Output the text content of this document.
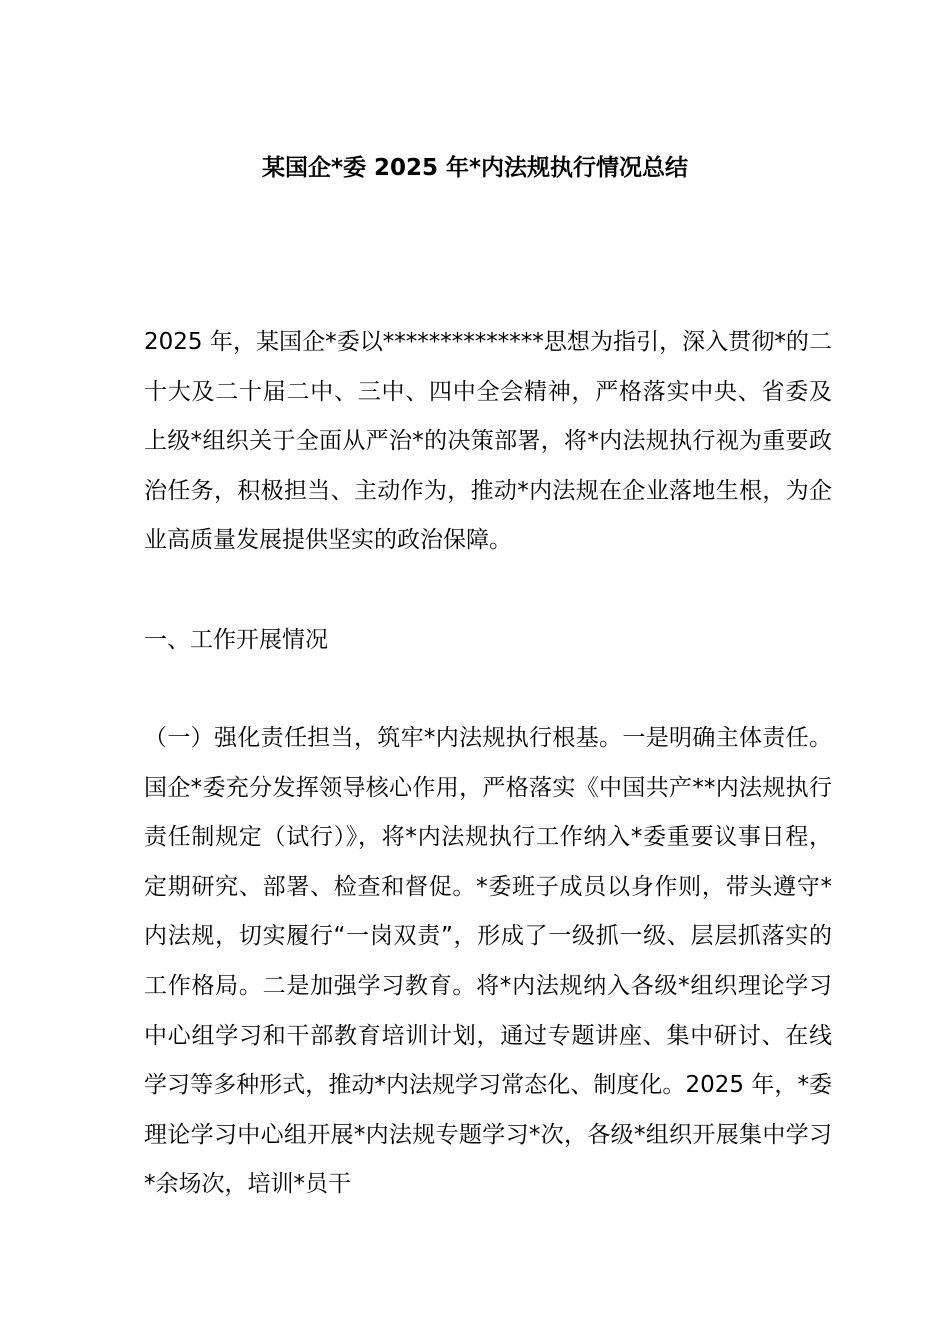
某国企*委 2025 年*内法规执行情况总结
2025 年，某国企*委以**************思想为指引，深入贯彻*的二十大及二十届二中、三中、四中全会精神，严格落实中央、省委及上级*组织关于全面从严治*的决策部署，将*内法规执行视为重要政治任务，积极担当、主动作为，推动*内法规在企业落地生根，为企业高质量发展提供坚实的政治保障。
一、工作开展情况
（一）强化责任担当，筑牢*内法规执行根基。一是明确主体责任。国企*委充分发挥领导核心作用，严格落实《中国共产**内法规执行责任制规定（试行）》，将*内法规执行工作纳入*委重要议事日程，定期研究、部署、检查和督促。*委班子成员以身作则，带头遵守*内法规，切实履行“一岗双责”，形成了一级抓一级、层层抓落实的工作格局。二是加强学习教育。将*内法规纳入各级*组织理论学习中心组学习和干部教育培训计划，通过专题讲座、集中研讨、在线学习等多种形式，推动*内法规学习常态化、制度化。2025 年，*委理论学习中心组开展*内法规专题学习*次，各级*组织开展集中学习*余场次，培训*员干
